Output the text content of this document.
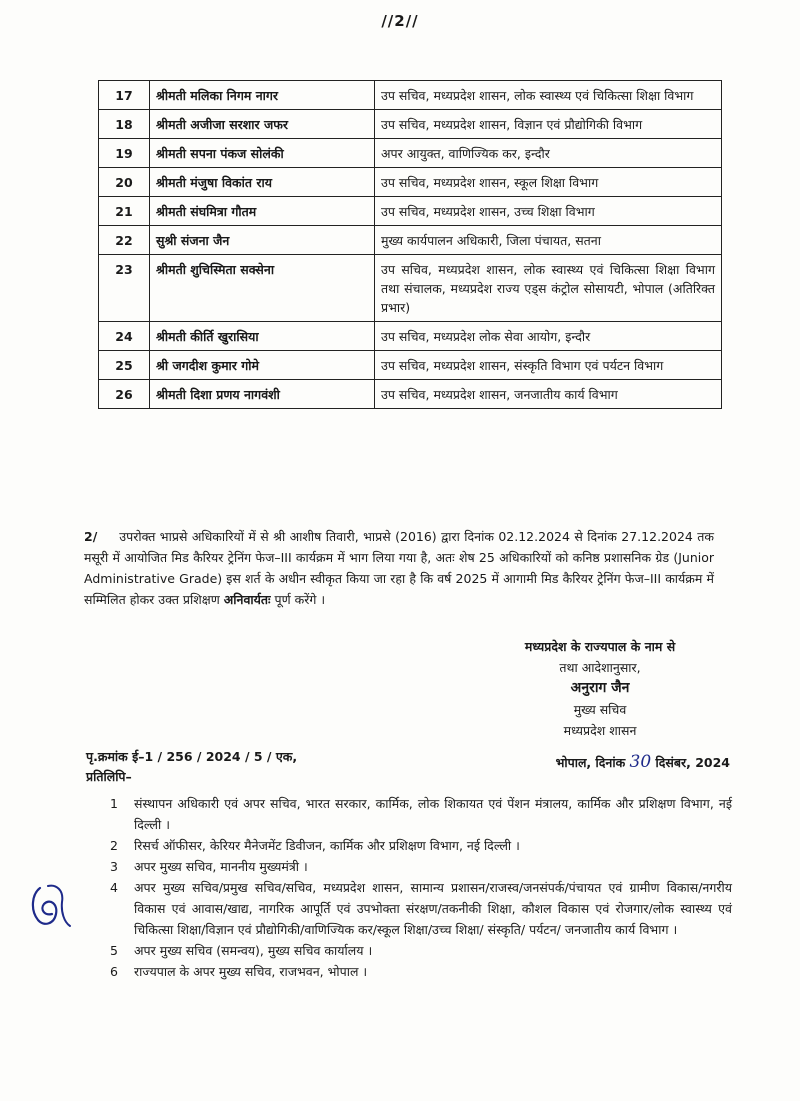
//2//
17	श्रीमती मलिका निगम नागर	उप सचिव, मध्यप्रदेश शासन, लोक स्वास्थ्य एवं चिकित्सा शिक्षा विभाग
18	श्रीमती अजीजा सरशार जफर	उप सचिव, मध्यप्रदेश शासन, विज्ञान एवं प्रौद्योगिकी विभाग
19	श्रीमती सपना पंकज सोलंकी	अपर आयुक्त, वाणिज्यिक कर, इन्दौर
20	श्रीमती मंजुषा विकांत राय	उप सचिव, मध्यप्रदेश शासन, स्कूल शिक्षा विभाग
21	श्रीमती संघमित्रा गौतम	उप सचिव, मध्यप्रदेश शासन, उच्च शिक्षा विभाग
22	सुश्री संजना जैन	मुख्य कार्यपालन अधिकारी, जिला पंचायत, सतना
23	श्रीमती शुचिस्मिता सक्सेना	उप सचिव, मध्यप्रदेश शासन, लोक स्वास्थ्य एवं चिकित्सा शिक्षा विभाग तथा संचालक, मध्यप्रदेश राज्य एड्स कंट्रोल सोसायटी, भोपाल (अतिरिक्त प्रभार)
24	श्रीमती कीर्ति खुरासिया	उप सचिव, मध्यप्रदेश लोक सेवा आयोग, इन्दौर
25	श्री जगदीश कुमार गोमे	उप सचिव, मध्यप्रदेश शासन, संस्कृति विभाग एवं पर्यटन विभाग
26	श्रीमती दिशा प्रणय नागवंशी	उप सचिव, मध्यप्रदेश शासन, जनजातीय कार्य विभाग
2/ उपरोक्त भाप्रसे अधिकारियों में से श्री आशीष तिवारी, भाप्रसे (2016) द्वारा दिनांक 02.12.2024 से दिनांक 27.12.2024 तक मसूरी में आयोजित मिड कैरियर ट्रेनिंग फेज–III कार्यक्रम में भाग लिया गया है, अतः शेष 25 अधिकारियों को कनिष्ठ प्रशासनिक ग्रेड (Junior Administrative Grade) इस शर्त के अधीन स्वीकृत किया जा रहा है कि वर्ष 2025 में आगामी मिड कैरियर ट्रेनिंग फेज–III कार्यक्रम में सम्मिलित होकर उक्त प्रशिक्षण अनिवार्यतः पूर्ण करेंगे ।
मध्यप्रदेश के राज्यपाल के नाम से
तथा आदेशानुसार,
अनुराग जैन
मुख्य सचिव
मध्यप्रदेश शासन
पृ.क्रमांक ई–1 / 256 / 2024 / 5 / एक,
प्रतिलिपि–
भोपाल, दिनांक 30 दिसंबर, 2024
1	संस्थापन अधिकारी एवं अपर सचिव, भारत सरकार, कार्मिक, लोक शिकायत एवं पेंशन मंत्रालय, कार्मिक और प्रशिक्षण विभाग, नई दिल्ली ।
2	रिसर्च ऑफीसर, केरियर मैनेजमेंट डिवीजन, कार्मिक और प्रशिक्षण विभाग, नई दिल्ली ।
3	अपर मुख्य सचिव, माननीय मुख्यमंत्री ।
4	अपर मुख्य सचिव/प्रमुख सचिव/सचिव, मध्यप्रदेश शासन, सामान्य प्रशासन/राजस्व/जनसंपर्क/पंचायत एवं ग्रामीण विकास/नगरीय विकास एवं आवास/खाद्य, नागरिक आपूर्ति एवं उपभोक्ता संरक्षण/तकनीकी शिक्षा, कौशल विकास एवं रोजगार/लोक स्वास्थ्य एवं चिकित्सा शिक्षा/विज्ञान एवं प्रौद्योगिकी/वाणिज्यिक कर/स्कूल शिक्षा/उच्च शिक्षा/ संस्कृति/ पर्यटन/ जनजातीय कार्य विभाग ।
5	अपर मुख्य सचिव (समन्वय), मुख्य सचिव कार्यालय ।
6	राज्यपाल के अपर मुख्य सचिव, राजभवन, भोपाल ।
